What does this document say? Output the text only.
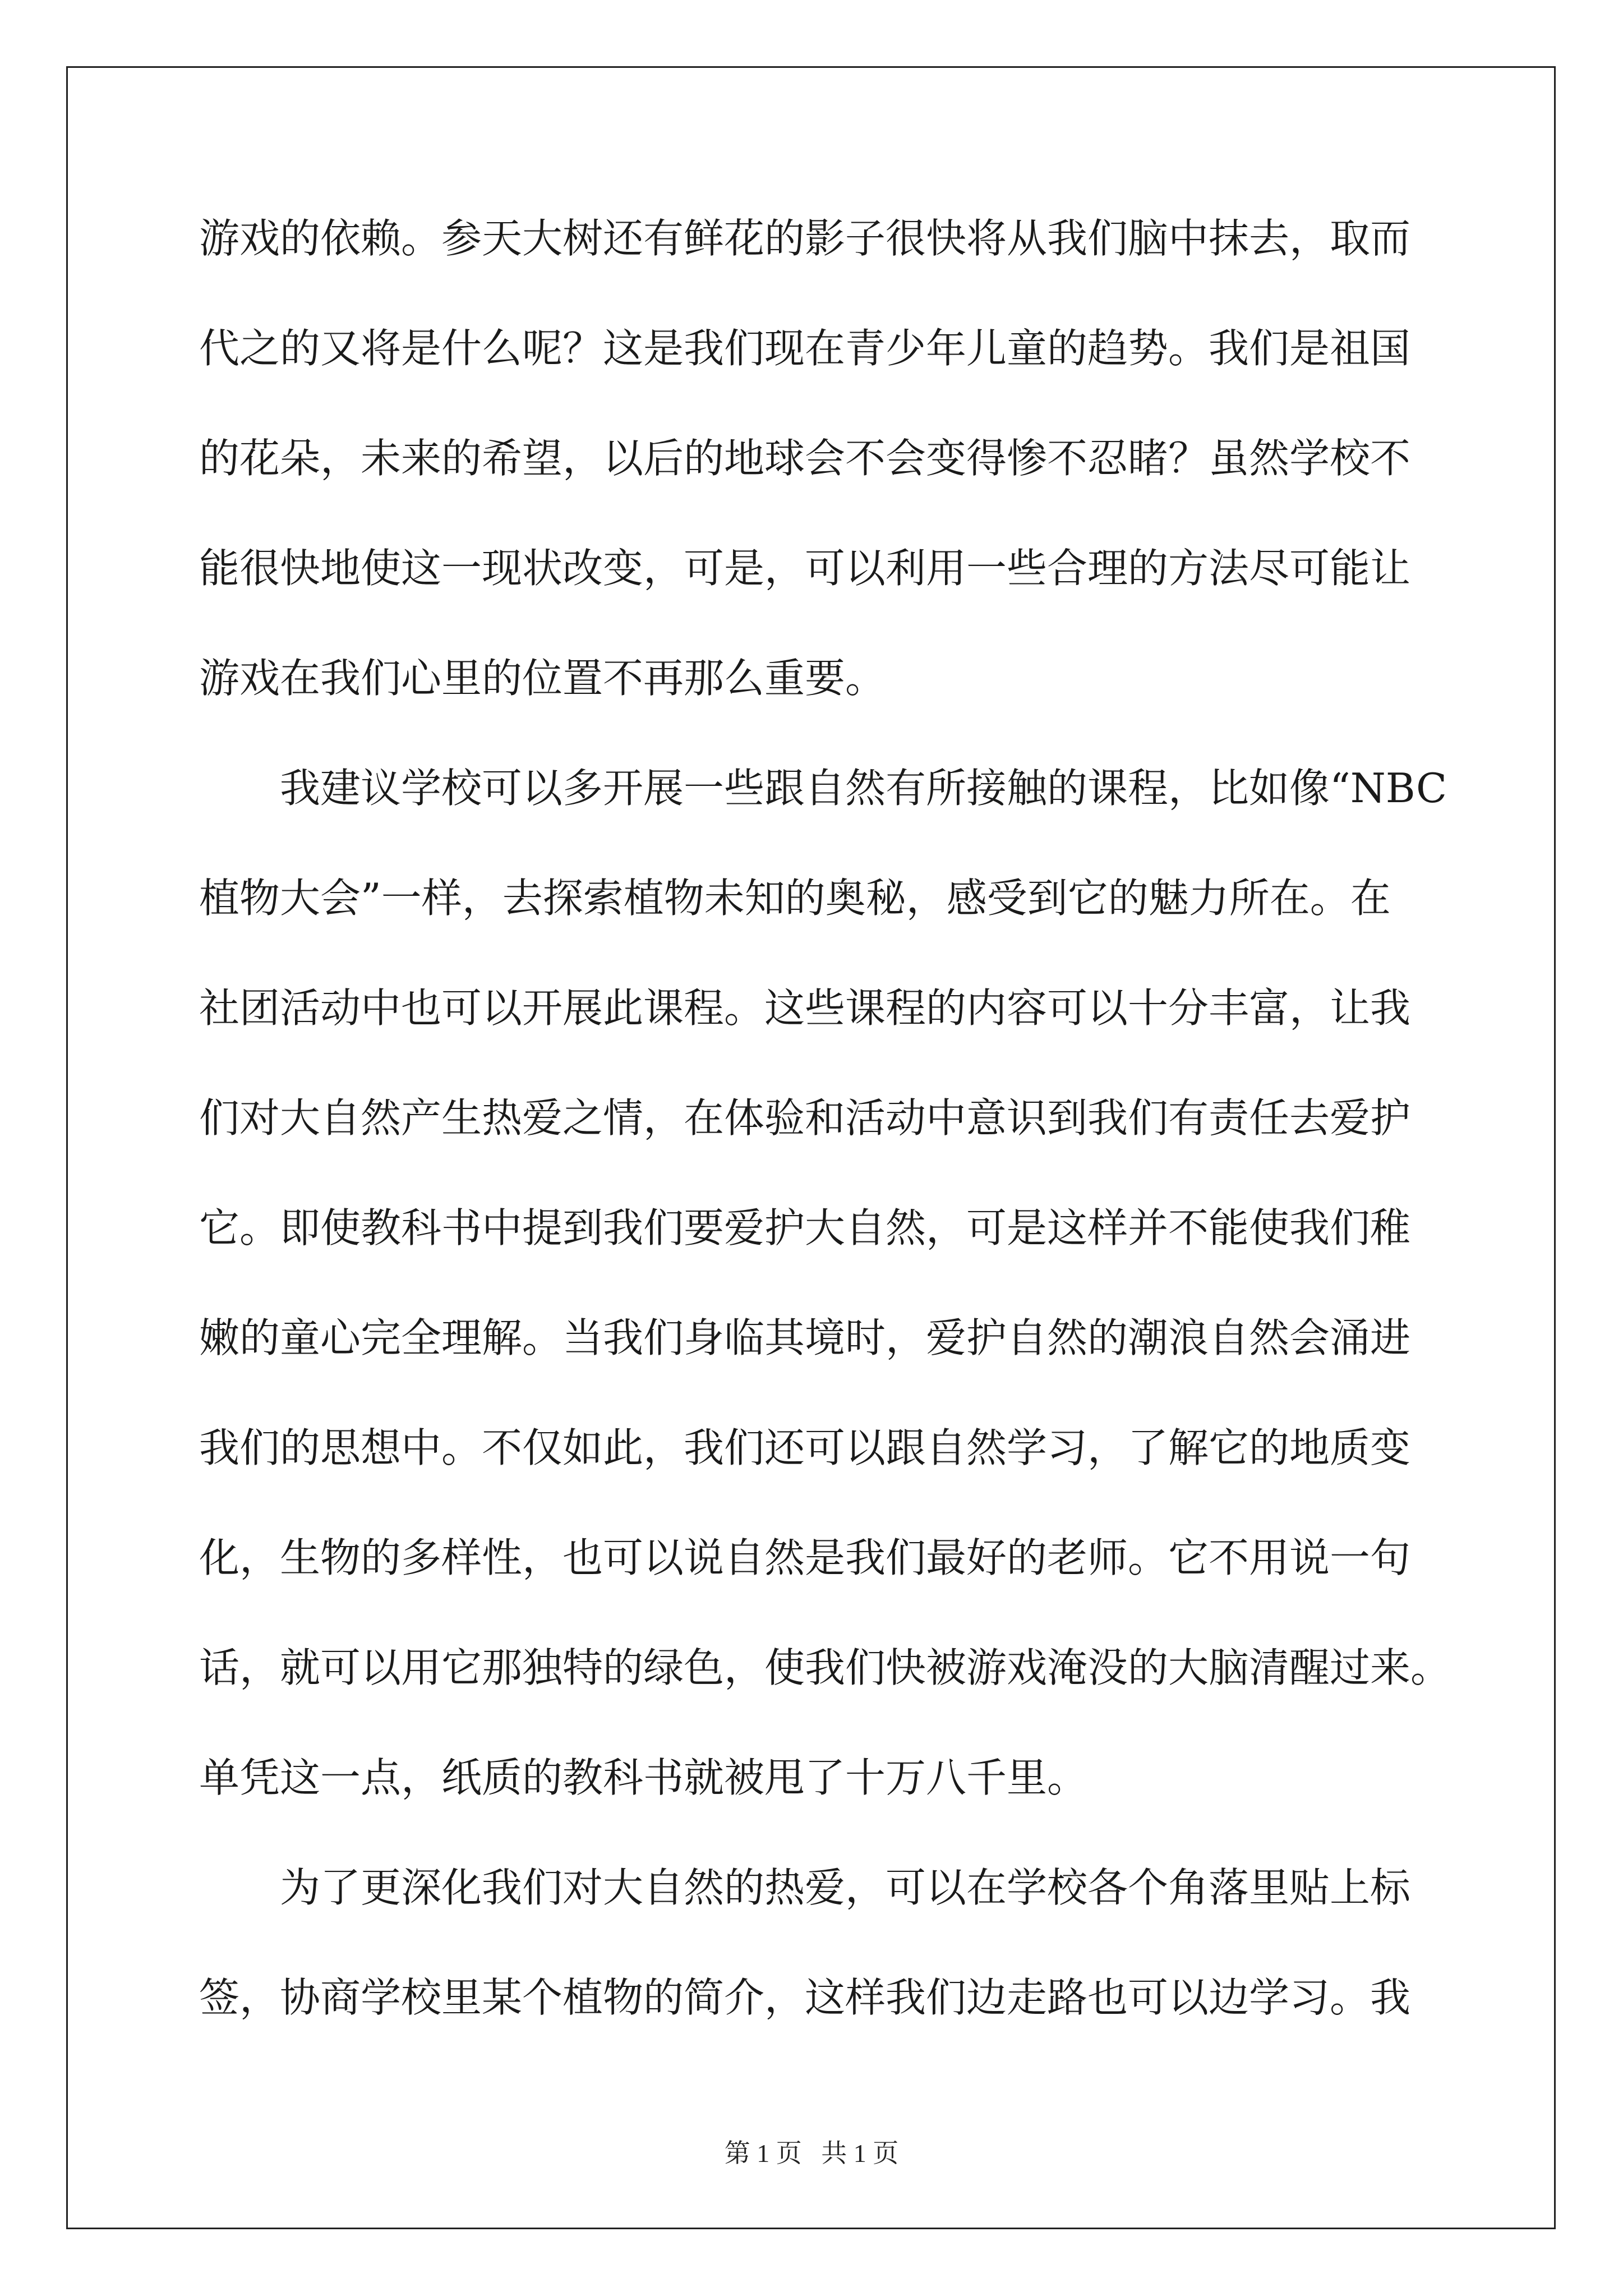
游戏的依赖。参天大树还有鲜花的影子很快将从我们脑中抹去，取而
代之的又将是什么呢？这是我们现在青少年儿童的趋势。我们是祖国
的花朵，未来的希望，以后的地球会不会变得惨不忍睹？虽然学校不
能很快地使这一现状改变，可是，可以利用一些合理的方法尽可能让
游戏在我们心里的位置不再那么重要。
我建议学校可以多开展一些跟自然有所接触的课程，比如像“NBC
植物大会”一样，去探索植物未知的奥秘，感受到它的魅力所在。在
社团活动中也可以开展此课程。这些课程的内容可以十分丰富，让我
们对大自然产生热爱之情，在体验和活动中意识到我们有责任去爱护
它。即使教科书中提到我们要爱护大自然，可是这样并不能使我们稚
嫩的童心完全理解。当我们身临其境时，爱护自然的潮浪自然会涌进
我们的思想中。不仅如此，我们还可以跟自然学习，了解它的地质变
化，生物的多样性，也可以说自然是我们最好的老师。它不用说一句
话，就可以用它那独特的绿色，使我们快被游戏淹没的大脑清醒过来。
单凭这一点，纸质的教科书就被甩了十万八千里。
为了更深化我们对大自然的热爱，可以在学校各个角落里贴上标
签，协商学校里某个植物的简介，这样我们边走路也可以边学习。我
第 1 页   共 1 页
